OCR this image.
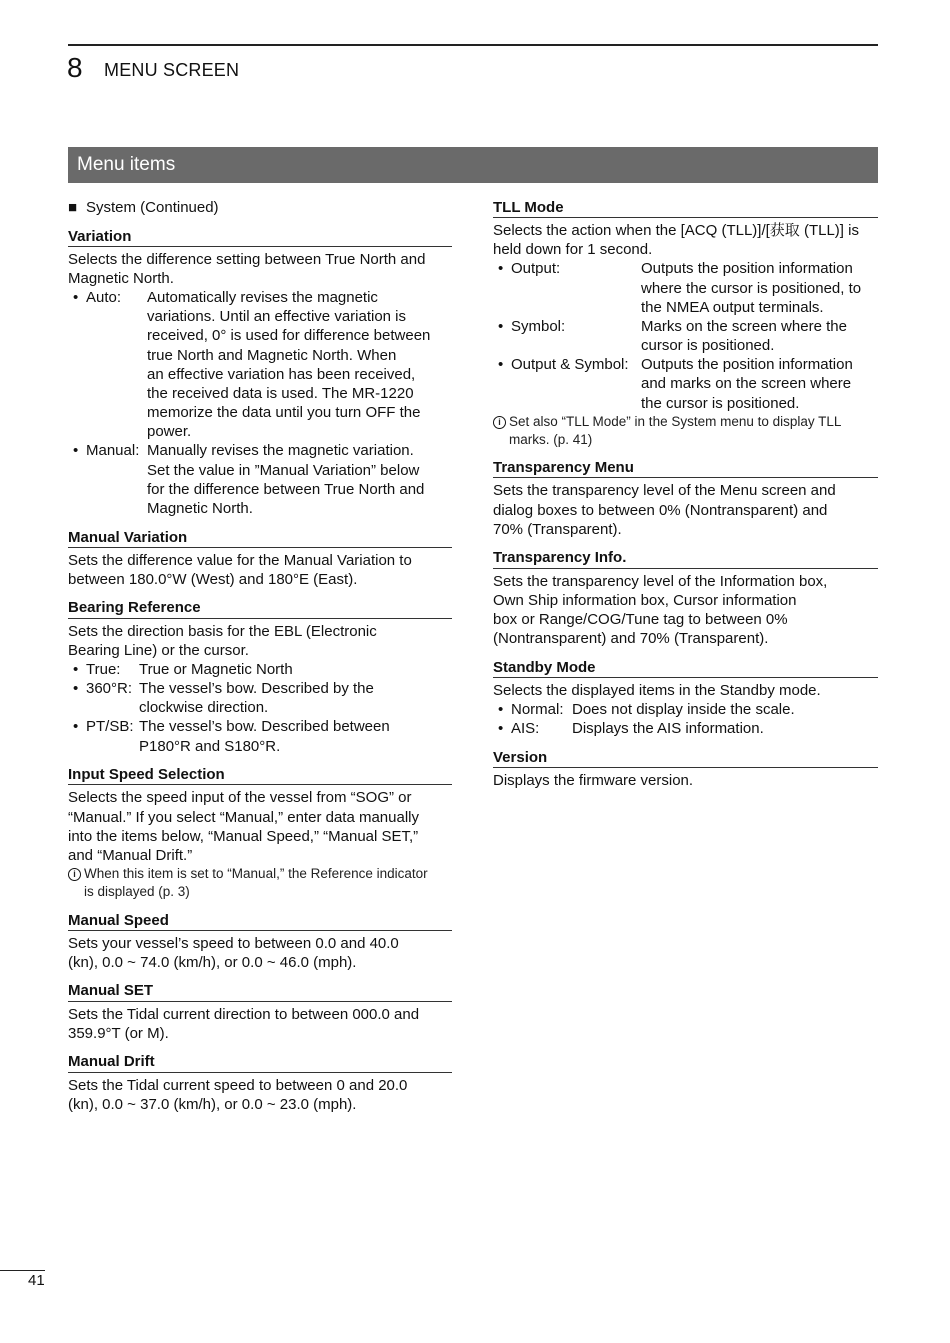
8 MENU SCREEN
Menu items
■ System (Continued)
Variation
Selects the difference setting between True North and
Magnetic North.
• Auto:	Automatically revises the magnetic
variations. Until an effective variation is
received, 0° is used for difference between
true North and Magnetic North. When
an effective variation has been received,
the received data is used. The MR-1220
memorize the data until you turn OFF the
power.
• Manual: Manually revises the magnetic variation.
Set the value in ”Manual Variation” below
for the difference between True North and
Magnetic North.
Manual Variation
Sets the difference value for the Manual Variation to
between 180.0°W (West) and 180°E (East).
Bearing Reference
Sets the direction basis for the EBL (Electronic
Bearing Line) or the cursor.
• True:	True or Magnetic North
• 360°R: The vessel’s bow. Described by the
clockwise direction.
• PT/SB: The vessel’s bow. Described between
P180°R and S180°R.
Input Speed Selection
Selects the speed input of the vessel from “SOG” or
“Manual.” If you select “Manual,” enter data manually
into the items below, “Manual Speed,” “Manual SET,”
and “Manual Drift.”
i
When this item is set to “Manual,” the Reference indicator
is displayed (p. 3)
Manual Speed
Sets your vessel’s speed to between 0.0 and 40.0
(kn), 0.0 ~ 74.0 (km/h), or 0.0 ~ 46.0 (mph).
Manual SET
Sets the Tidal current direction to between 000.0 and
359.9°T (or M).
Manual Drift
Sets the Tidal current speed to between 0 and 20.0
(kn), 0.0 ~ 37.0 (km/h), or 0.0 ~ 23.0 (mph).
TLL Mode
Selects the action when the [ACQ (TLL)]/[获取 (TLL)] is
held down for 1 second.
• Output:	Outputs the position information
where the cursor is positioned, to
the NMEA output terminals.
• Symbol:	Marks on the screen where the
cursor is positioned.
• Output & Symbol: Outputs the position information
and marks on the screen where
the cursor is positioned.
i
Set also “TLL Mode” in the System menu to display TLL
marks. (p. 41)
Transparency Menu
Sets the transparency level of the Menu screen and
dialog boxes to between 0% (Nontransparent) and
70% (Transparent).
Transparency Info.
Sets the transparency level of the Information box,
Own Ship information box, Cursor information
box or Range/COG/Tune tag to between 0%
(Nontransparent) and 70% (Transparent).
Standby Mode
Selects the displayed items in the Standby mode.
• Normal: Does not display inside the scale.
• AIS:	Displays the AIS information.
Version
Displays the firmware version.
41
